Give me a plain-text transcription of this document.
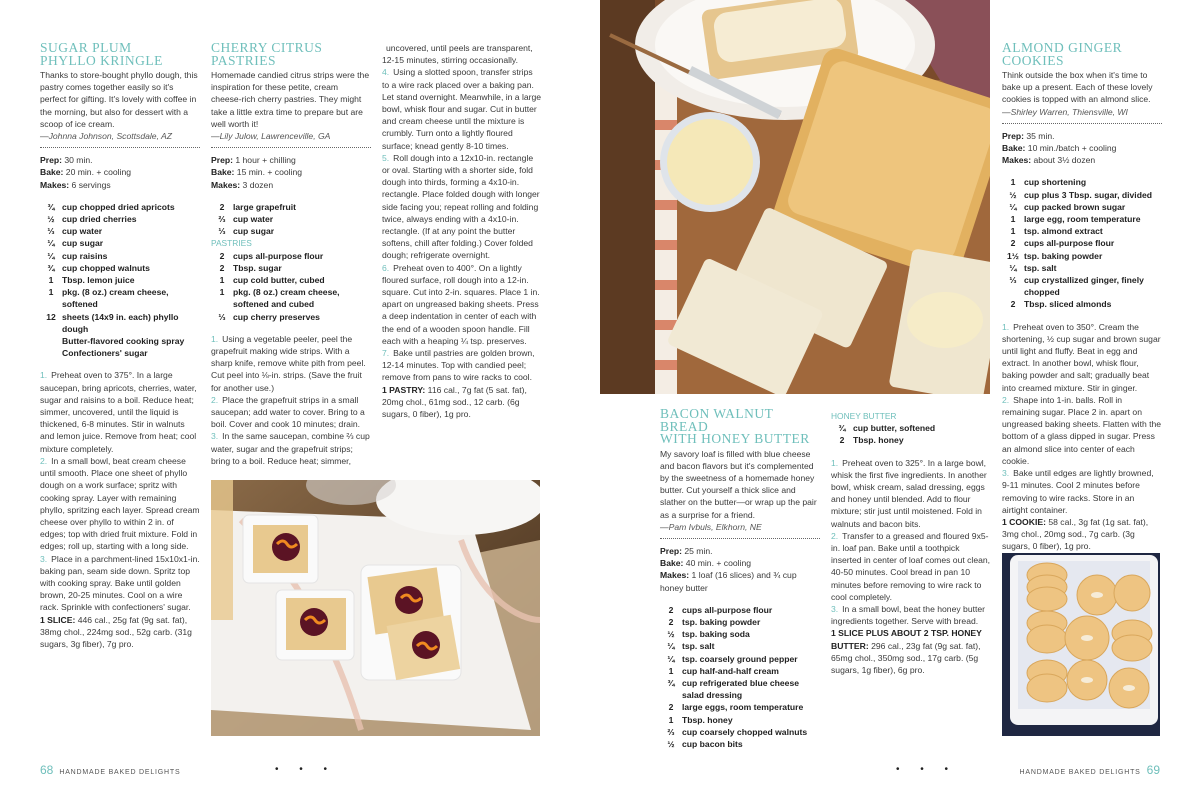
SUGAR PLUM
PHYLLO KRINGLE
Thanks to store-bought phyllo dough, this pastry comes together easily so it's perfect for gifting. It's lovely with coffee in the morning, but also for dessert with a scoop of ice cream.
—Johnna Johnson, Scottsdale, AZ
Prep: 30 min.
Bake: 20 min. + cooling
Makes: 6 servings
¾ cup chopped dried apricots
½ cup dried cherries
⅓ cup water
¼ cup sugar
¼ cup raisins
¾ cup chopped walnuts
1	Tbsp. lemon juice
1	pkg. (8 oz.) cream cheese, softened
12 sheets (14x9 in. each) phyllo dough
Butter-flavored cooking spray
Confectioners' sugar
1. Preheat oven to 375°. In a large saucepan, bring apricots, cherries, water, sugar and raisins to a boil. Reduce heat; simmer, uncovered, until the liquid is thickened, 6-8 minutes. Stir in walnuts and lemon juice. Remove from heat; cool mixture completely.
2. In a small bowl, beat cream cheese until smooth. Place one sheet of phyllo dough on a work surface; spritz with cooking spray. Layer with remaining phyllo, spritzing each layer. Spread cream cheese over phyllo to within 2 in. of edges; top with dried fruit mixture. Fold in edges; roll up, starting with a long side.
3. Place in a parchment-lined 15x10x1-in. baking pan, seam side down. Spritz top with cooking spray. Bake until golden brown, 20-25 minutes. Cool on a wire rack. Sprinkle with confectioners' sugar.
1 SLICE: 446 cal., 25g fat (9g sat. fat), 38mg chol., 224mg sod., 52g carb. (31g sugars, 3g fiber), 7g pro.
CHERRY CITRUS
PASTRIES
Homemade candied citrus strips were the inspiration for these petite, cream cheese-rich cherry pastries. They might take a little extra time to prepare but are well worth it!
—Lily Julow, Lawrenceville, GA
Prep: 1 hour + chilling
Bake: 15 min. + cooling
Makes: 3 dozen
2	large grapefruit
⅔ cup water
⅓ cup sugar
PASTRIES
2	cups all-purpose flour
2	Tbsp. sugar
1	cup cold butter, cubed
1	pkg. (8 oz.) cream cheese, softened and cubed
⅓ cup cherry preserves
1. Using a vegetable peeler, peel the grapefruit making wide strips. With a sharp knife, remove white pith from peel. Cut peel into ⅛-in. strips. (Save the fruit for another use.)
2. Place the grapefruit strips in a small saucepan; add water to cover. Bring to a boil. Cover and cook 10 minutes; drain.
3. In the same saucepan, combine ⅔ cup water, sugar and the grapefruit strips; bring to a boil. Reduce heat; simmer,
uncovered, until peels are transparent, 12-15 minutes, stirring occasionally.
4. Using a slotted spoon, transfer strips to a wire rack placed over a baking pan. Let stand overnight. Meanwhile, in a large bowl, whisk flour and sugar. Cut in butter and cream cheese until the mixture is crumbly. Turn onto a lightly floured surface; knead gently 8-10 times.
5. Roll dough into a 12x10-in. rectangle or oval. Starting with a shorter side, fold dough into thirds, forming a 4x10-in. rectangle. Place folded dough with longer side facing you; repeat rolling and folding twice, always ending with a 4x10-in. rectangle. (If at any point the butter softens, chill after folding.) Cover folded dough; refrigerate overnight.
6. Preheat oven to 400°. On a lightly floured surface, roll dough into a 12-in. square. Cut into 2-in. squares. Place 1 in. apart on ungreased baking sheets. Press a deep indentation in center of each with the end of a wooden spoon handle. Fill each with a heaping ¼ tsp. preserves.
7. Bake until pastries are golden brown, 12-14 minutes. Top with candied peel; remove from pans to wire racks to cool.
1 PASTRY: 116 cal., 7g fat (5 sat. fat), 20mg chol., 61mg sod., 12 carb. (6g sugars, 0 fiber), 1g pro.	BACON WALNUT BREAD
WITH HONEY BUTTER
My savory loaf is filled with blue cheese and bacon flavors but it's complemented by the sweetness of a homemade honey butter. Cut yourself a thick slice and slather on the butter—or wrap up the pair as a surprise for a friend.
—Pam Ivbuls, Elkhorn, NE
Prep: 25 min.
Bake: 40 min. + cooling
Makes: 1 loaf (16 slices) and ¾ cup honey butter
2	cups all-purpose flour
2	tsp. baking powder
½ tsp. baking soda
¼ tsp. salt
¼ tsp. coarsely ground pepper
1	cup half-and-half cream
¾ cup refrigerated blue cheese salad dressing
2	large eggs, room temperature
1	Tbsp. honey
⅔ cup coarsely chopped walnuts
½ cup bacon bits
HONEY BUTTER
¾ cup butter, softened
2	Tbsp. honey
1. Preheat oven to 325°. In a large bowl, whisk the first five ingredients. In another bowl, whisk cream, salad dressing, eggs and honey until blended. Add to flour mixture; stir just until moistened. Fold in walnuts and bacon bits.
2. Transfer to a greased and floured 9x5-in. loaf pan. Bake until a toothpick inserted in center of loaf comes out clean, 40-50 minutes. Cool bread in pan 10 minutes before removing to wire rack to cool completely.
3. In a small bowl, beat the honey butter ingredients together. Serve with bread.
1 SLICE PLUS ABOUT 2 TSP. HONEY BUTTER: 296 cal., 23g fat (9g sat. fat), 65mg chol., 350mg sod., 17g carb. (5g sugars, 1g fiber), 6g pro.
ALMOND GINGER
COOKIES
Think outside the box when it's time to bake up a present. Each of these lovely cookies is topped with an almond slice.
—Shirley Warren, Thiensville, WI
Prep: 35 min.
Bake: 10 min./batch + cooling
Makes: about 3½ dozen
1	cup shortening
½ cup plus 3 Tbsp. sugar, divided
¼ cup packed brown sugar
1	large egg, room temperature
1	tsp. almond extract
2	cups all-purpose flour
1½ tsp. baking powder
¼ tsp. salt
⅓ cup crystallized ginger, finely chopped
2	Tbsp. sliced almonds
1. Preheat oven to 350°. Cream the shortening, ½ cup sugar and brown sugar until light and fluffy. Beat in egg and extract. In another bowl, whisk flour, baking powder and salt; gradually beat into creamed mixture. Stir in ginger.
2. Shape into 1-in. balls. Roll in remaining sugar. Place 2 in. apart on ungreased baking sheets. Flatten with the bottom of a glass dipped in sugar. Press an almond slice into center of each cookie.
3. Bake until edges are lightly browned, 9-11 minutes. Cool 2 minutes before removing to wire racks. Store in an airtight container.
1 COOKIE: 58 cal., 3g fat (1g sat. fat), 3mg chol., 20mg sod., 7g carb. (3g sugars, 0 fiber), 1g pro.
68 HANDMADE BAKED DELIGHTS	• • •	• • •	HANDMADE BAKED DELIGHTS 69
